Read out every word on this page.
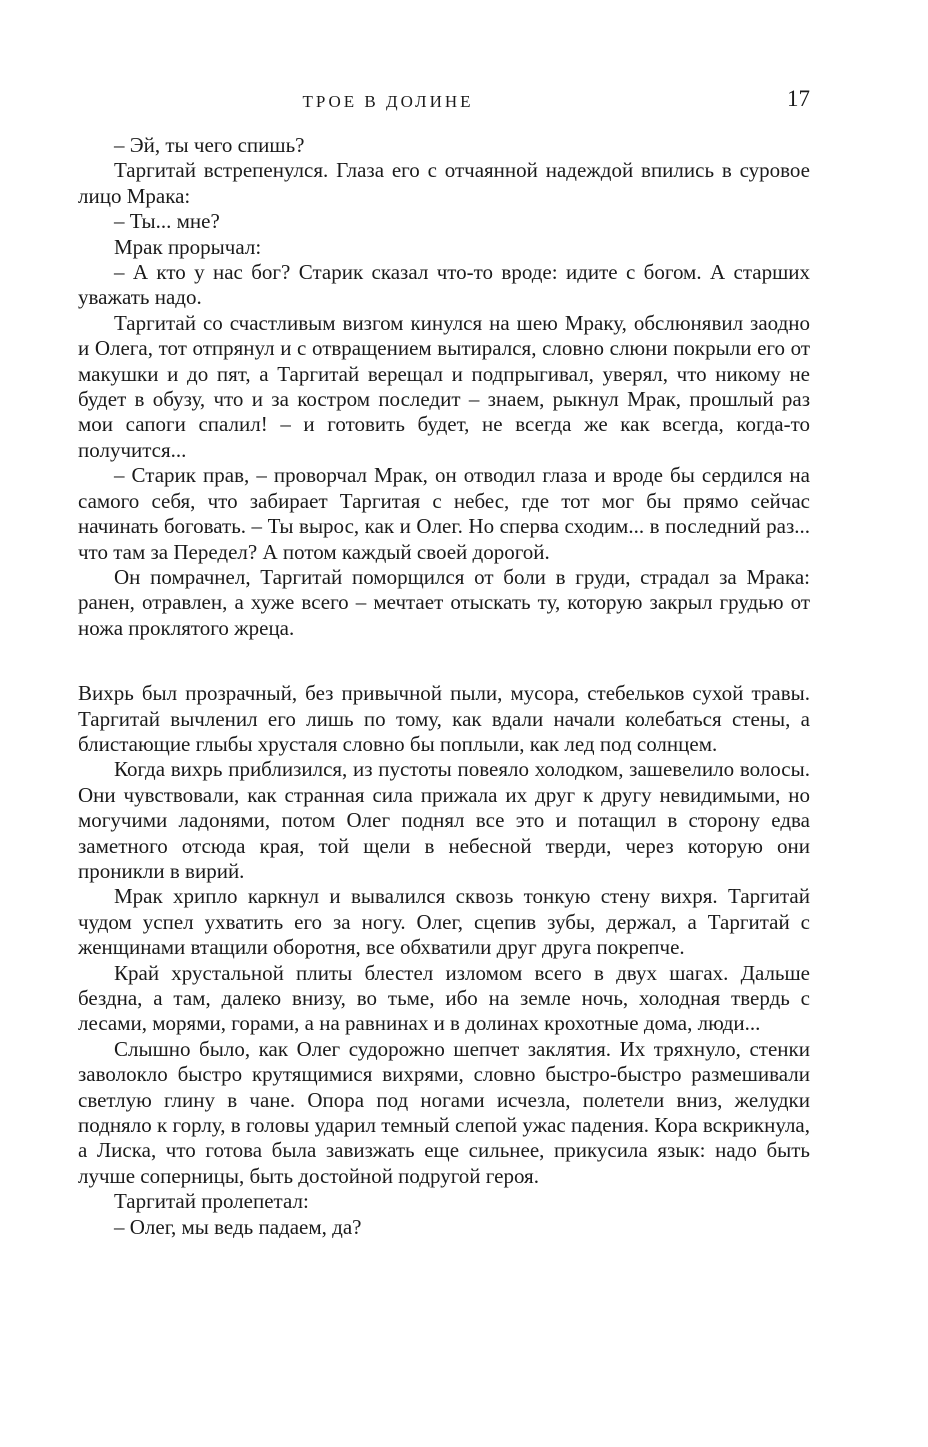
ТРОЕ В ДОЛИНЕ	17

– Эй, ты чего спишь?

Таргитай встрепенулся. Глаза его с отчаянной надеждой впились в суровое лицо Мрака:

– Ты... мне?

Мрак прорычал:

– А кто у нас бог? Старик сказал что-то вроде: идите с богом. А старших уважать надо.

Таргитай со счастливым визгом кинулся на шею Мраку, обслюнявил заодно и Олега, тот отпрянул и с отвращением вытирался, словно слюни покрыли его от макушки и до пят, а Таргитай верещал и подпрыгивал, уверял, что никому не будет в обузу, что и за костром последит – знаем, рыкнул Мрак, прошлый раз мои сапоги спалил! – и готовить будет, не всегда же как всегда, когда-то получится...

– Старик прав, – проворчал Мрак, он отводил глаза и вроде бы сердился на самого себя, что забирает Таргитая с небес, где тот мог бы прямо сейчас начинать боговать. – Ты вырос, как и Олег. Но сперва сходим... в последний раз... что там за Передел? А потом каждый своей дорогой.

Он помрачнел, Таргитай поморщился от боли в груди, страдал за Мрака: ранен, отравлен, а хуже всего – мечтает отыскать ту, которую закрыл грудью от ножа проклятого жреца.

Вихрь был прозрачный, без привычной пыли, мусора, стебельков сухой травы. Таргитай вычленил его лишь по тому, как вдали начали колебаться стены, а блистающие глыбы хрусталя словно бы поплыли, как лед под солнцем.

Когда вихрь приблизился, из пустоты повеяло холодком, зашевелило волосы. Они чувствовали, как странная сила прижала их друг к другу невидимыми, но могучими ладонями, потом Олег поднял все это и потащил в сторону едва заметного отсюда края, той щели в небесной тверди, через которую они проникли в вирий.

Мрак хрипло каркнул и вывалился сквозь тонкую стену вихря. Таргитай чудом успел ухватить его за ногу. Олег, сцепив зубы, держал, а Таргитай с женщинами втащили оборотня, все обхватили друг друга покрепче.

Край хрустальной плиты блестел изломом всего в двух шагах. Дальше бездна, а там, далеко внизу, во тьме, ибо на земле ночь, холодная твердь с лесами, морями, горами, а на равнинах и в долинах крохотные дома, люди...

Слышно было, как Олег судорожно шепчет заклятия. Их тряхнуло, стенки заволокло быстро крутящимися вихрями, словно быстро-быстро размешивали светлую глину в чане. Опора под ногами исчезла, полетели вниз, желудки подняло к горлу, в головы ударил темный слепой ужас падения. Кора вскрикнула, а Лиска, что готова была завизжать еще сильнее, прикусила язык: надо быть лучше соперницы, быть достойной подругой героя.

Таргитай пролепетал:

– Олег, мы ведь падаем, да?
